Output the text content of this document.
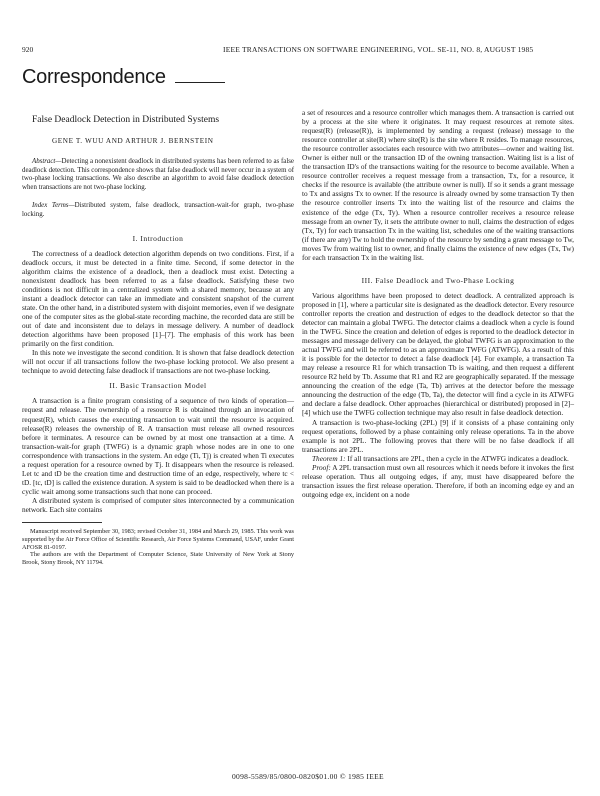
920	IEEE TRANSACTIONS ON SOFTWARE ENGINEERING, VOL. SE-11, NO. 8, AUGUST 1985
Correspondence
False Deadlock Detection in Distributed Systems
GENE T. WUU AND ARTHUR J. BERNSTEIN

Abstract—Detecting a nonexistent deadlock in distributed systems has been referred to as false deadlock detection. This correspondence shows that false deadlock will never occur in a system of two-phase locking transactions. We also describe an algorithm to avoid false deadlock detection when transactions are not two-phase locking.

Index Terms—Distributed system, false deadlock, transaction-wait-for graph, two-phase locking.

I. Introduction

The correctness of a deadlock detection algorithm depends on two conditions. First, if a deadlock occurs, it must be detected in a finite time. Second, if some detector in the algorithm claims the existence of a deadlock, then a deadlock must exist. Detecting a nonexistent deadlock has been referred to as a false deadlock. Satisfying these two conditions is not difficult in a centralized system with a shared memory, because at any instant a deadlock detector can take an immediate and consistent snapshot of the current state. On the other hand, in a distributed system with disjoint memories, even if we designate one of the computer sites as the global-state recording machine, the recorded data are still be out of date and inconsistent due to delays in message delivery. A number of deadlock detection algorithms have been proposed [1]–[7]. The emphasis of this work has been primarily on the first condition.

In this note we investigate the second condition. It is shown that false deadlock detection will not occur if all transactions follow the two-phase locking protocol. We also present a technique to avoid detecting false deadlock if transactions are not two-phase locking.

II. Basic Transaction Model

A transaction is a finite program consisting of a sequence of two kinds of operation—request and release. The ownership of a resource R is obtained through an invocation of request(R), which causes the executing transaction to wait until the resource is acquired. release(R) releases the ownership of R. A transaction must release all owned resources before it terminates. A resource can be owned by at most one transaction at a time. A transaction-wait-for graph (TWFG) is a dynamic graph whose nodes are in one to one correspondence with transactions in the system. An edge (Ti, Tj) is created when Ti executes a request operation for a resource owned by Tj. It disappears when the resource is released. Let tc and tD be the creation time and destruction time of an edge, respectively, where tc < tD. [tc, tD] is called the existence duration. A system is said to be deadlocked when there is a cyclic wait among some transactions such that none can proceed.

A distributed system is comprised of computer sites interconnected by a communication network. Each site contains

Manuscript received September 30, 1983; revised October 31, 1984 and March 29, 1985. This work was supported by the Air Force Office of Scientific Research, Air Force Systems Command, USAF, under Grant AFOSR 81-0197.

The authors are with the Department of Computer Science, State University of New York at Stony Brook, Stony Brook, NY 11794.

a set of resources and a resource controller which manages them. A transaction is carried out by a process at the site where it originates. It may request resources at remote sites. request(R) (release(R)), is implemented by sending a request (release) message to the resource controller at site(R) where site(R) is the site where R resides. To manage resources, the resource controller associates each resource with two attributes—owner and waiting list. Owner is either null or the transaction ID of the owning transaction. Waiting list is a list of the transaction ID's of the transactions waiting for the resource to become available. When a resource controller receives a request message from a transaction, Tx, for a resource, it checks if the resource is available (the attribute owner is null). If so it sends a grant message to Tx and assigns Tx to owner. If the resource is already owned by some transaction Ty then the resource controller inserts Tx into the waiting list of the resource and claims the existence of the edge (Tx, Ty). When a resource controller receives a resource release message from an owner Ty, it sets the attribute owner to null, claims the destruction of edges (Tx, Ty) for each transaction Tx in the waiting list, schedules one of the waiting transactions (if there are any) Tw to hold the ownership of the resource by sending a grant message to Tw, moves Tw from waiting list to owner, and finally claims the existence of new edges (Tx, Tw) for each transaction Tx in the waiting list.

III. False Deadlock and Two-Phase Locking

Various algorithms have been proposed to detect deadlock. A centralized approach is proposed in [1], where a particular site is designated as the deadlock detector. Every resource controller reports the creation and destruction of edges to the deadlock detector so that the detector can maintain a global TWFG. The detector claims a deadlock when a cycle is found in the TWFG. Since the creation and deletion of edges is reported to the deadlock detector in messages and message delivery can be delayed, the global TWFG is an approximation to the actual TWFG and will be referred to as an approximate TWFG (ATWFG). As a result of this it is possible for the detector to detect a false deadlock [4]. For example, a transaction Ta may release a resource R1 for which transaction Tb is waiting, and then request a different resource R2 held by Tb. Assume that R1 and R2 are geographically separated. If the message announcing the creation of the edge (Ta, Tb) arrives at the detector before the message announcing the destruction of the edge (Tb, Ta), the detector will find a cycle in its ATWFG and declare a false deadlock. Other approaches (hierarchical or distributed) proposed in [2]–[4] which use the TWFG collection technique may also result in false deadlock detection.

A transaction is two-phase-locking (2PL) [9] if it consists of a phase containing only request operations, followed by a phase containing only release operations. Ta in the above example is not 2PL. The following proves that there will be no false deadlock if all transactions are 2PL.

Theorem 1: If all transactions are 2PL, then a cycle in the ATWFG indicates a deadlock.

Proof: A 2PL transaction must own all resources which it needs before it invokes the first release operation. Thus all outgoing edges, if any, must have disappeared before the transaction issues the first release operation. Therefore, if both an incoming edge ey and an outgoing edge ex, incident on a node

0098-5589/85/0800-0820$01.00 © 1985 IEEE
